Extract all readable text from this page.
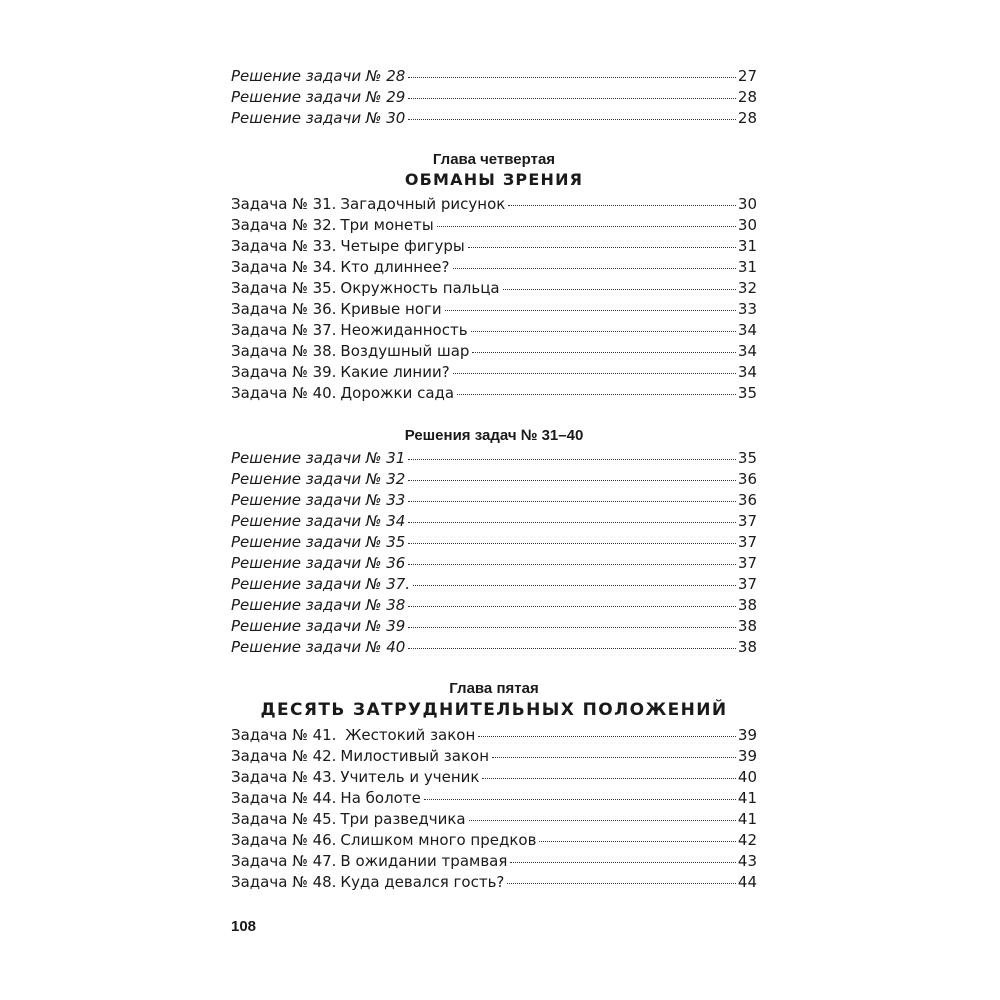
Решение задачи № 28	27
Решение задачи № 29	28
Решение задачи № 30	28
Глава четвертая
ОБМАНЫ ЗРЕНИЯ
Задача № 31. Загадочный рисунок	30
Задача № 32. Три монеты	30
Задача № 33. Четыре фигуры	31
Задача № 34. Кто длиннее?	31
Задача № 35. Окружность пальца	32
Задача № 36. Кривые ноги	33
Задача № 37. Неожиданность	34
Задача № 38. Воздушный шар	34
Задача № 39. Какие линии?	34
Задача № 40. Дорожки сада	35
Решения задач № 31–40
Решение задачи № 31	35
Решение задачи № 32	36
Решение задачи № 33	36
Решение задачи № 34	37
Решение задачи № 35	37
Решение задачи № 36	37
Решение задачи № 37.	37
Решение задачи № 38	38
Решение задачи № 39	38
Решение задачи № 40	38
Глава пятая
ДЕСЯТЬ ЗАТРУДНИТЕЛЬНЫХ ПОЛОЖЕНИЙ
Задача № 41. Жестокий закон	39
Задача № 42. Милостивый закон	39
Задача № 43. Учитель и ученик	40
Задача № 44. На болоте	41
Задача № 45. Три разведчика	41
Задача № 46. Слишком много предков	42
Задача № 47. В ожидании трамвая	43
Задача № 48. Куда девался гость?	44
108
